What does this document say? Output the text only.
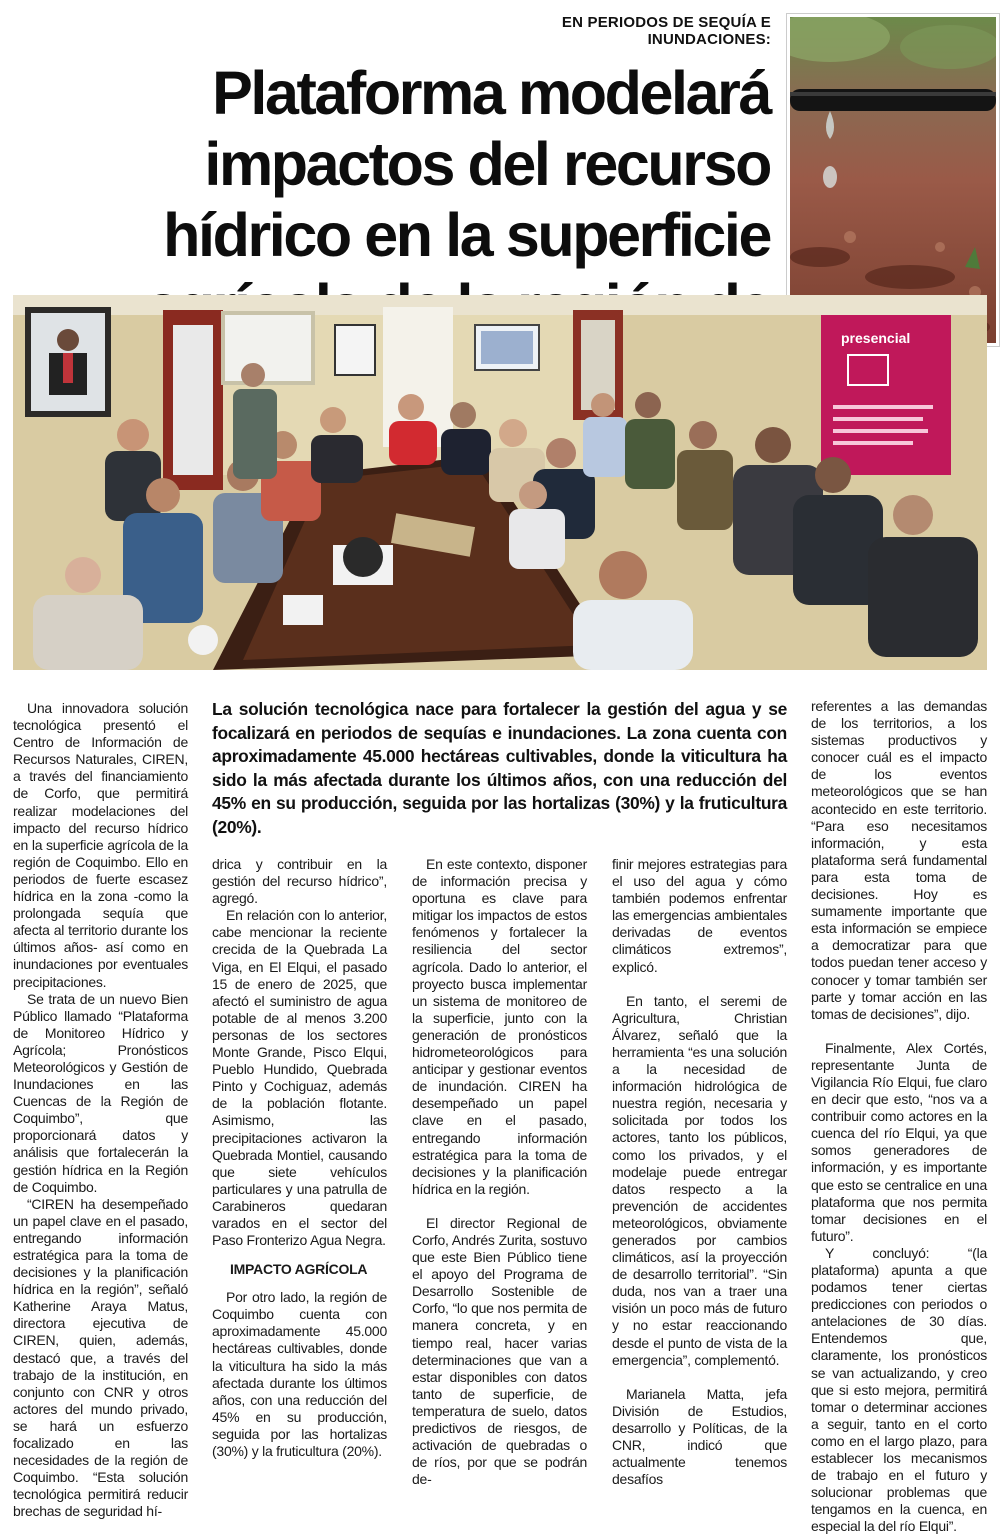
EN PERIODOS DE SEQUÍA E INUNDACIONES:
Plataforma modelará impactos del recurso hídrico en la superficie
presencial

La solución tecnológica nace para fortalecer la gestión del agua y se focalizará en periodos de sequías e inundaciones. La zona cuenta con aproximadamente 45.000 hectáreas cultivables, donde la viticultura ha sido la más afectada durante los últimos años, con una reducción del 45% en su producción, seguida por las hortalizas (30%) y la fruticultura (20%).

Una innovadora solución tecnológica presentó el Centro de Información de Recursos Naturales, CIREN, a través del financiamiento de Corfo, que permitirá realizar modelaciones del impacto del recurso hídrico en la superficie agrícola de la región de Coquimbo. Ello en periodos de fuerte escasez hídrica en la zona -como la prolongada sequía que afecta al territorio durante los últimos años- así como en inundaciones por eventuales precipitaciones.

Se trata de un nuevo Bien Público llamado “Plataforma de Monitoreo Hídrico y Agrícola; Pronósticos Meteorológicos y Gestión de Inundaciones en las Cuencas de la Región de Coquimbo”, que proporcionará datos y análisis que fortalecerán la gestión hídrica en la Región de Coquimbo.

“CIREN ha desempeñado un papel clave en el pasado, entregando información estratégica para la toma de decisiones y la planificación hídrica en la región”, señaló Katherine Araya Matus, directora ejecutiva de CIREN, quien, además, destacó que, a través del trabajo de la institución, en conjunto con CNR y otros actores del mundo privado, se hará un esfuerzo focalizado en las necesidades de la región de Coquimbo. “Esta solución tecnológica permitirá reducir brechas de seguridad hí-

drica y contribuir en la gestión del recurso hídrico”, agregó.

En relación con lo anterior, cabe mencionar la reciente crecida de la Quebrada La Viga, en El Elqui, el pasado 15 de enero de 2025, que afectó el suministro de agua potable de al menos 3.200 personas de los sectores Monte Grande, Pisco Elqui, Pueblo Hundido, Quebrada Pinto y Cochiguaz, además de la población flotante. Asimismo, las precipitaciones activaron la Quebrada Montiel, causando que siete vehículos particulares y una patrulla de Carabineros quedaran varados en el sector del Paso Fronterizo Agua Negra.

IMPACTO AGRÍCOLA

Por otro lado, la región de Coquimbo cuenta con aproximadamente 45.000 hectáreas cultivables, donde la viticultura ha sido la más afectada durante los últimos años, con una reducción del 45% en su producción, seguida por las hortalizas (30%) y la fruticultura (20%).

En este contexto, disponer de información precisa y oportuna es clave para mitigar los impactos de estos fenómenos y fortalecer la resiliencia del sector agrícola. Dado lo anterior, el proyecto busca implementar un sistema de monitoreo de la superficie, junto con la generación de pronósticos hidrometeorológicos para anticipar y gestionar eventos de inundación. CIREN ha desempeñado un papel clave en el pasado, entregando información estratégica para la toma de decisiones y la planificación hídrica en la región.

El director Regional de Corfo, Andrés Zurita, sostuvo que este Bien Público tiene el apoyo del Programa de Desarrollo Sostenible de Corfo, “lo que nos permita de manera concreta, y en tiempo real, hacer varias determinaciones que van a estar disponibles con datos tanto de superficie, de temperatura de suelo, datos predictivos de riesgos, de activación de quebradas o de ríos, por que se podrán de-

finir mejores estrategias para el uso del agua y cómo también podemos enfrentar las emergencias ambientales derivadas de eventos climáticos extremos”, explicó.

En tanto, el seremi de Agricultura, Christian Álvarez, señaló que la herramienta “es una solución a la necesidad de información hidrológica de nuestra región, necesaria y solicitada por todos los actores, tanto los públicos, como los privados, y el modelaje puede entregar datos respecto a la prevención de accidentes meteorológicos, obviamente generados por cambios climáticos, así la proyección de desarrollo territorial”. “Sin duda, nos van a traer una visión un poco más de futuro y no estar reaccionando desde el punto de vista de la emergencia”, complementó.

Marianela Matta, jefa División de Estudios, desarrollo y Políticas, de la CNR, indicó que actualmente tenemos desafíos

referentes a las demandas de los territorios, a los sistemas productivos y conocer cuál es el impacto de los eventos meteorológicos que se han acontecido en este territorio. “Para eso necesitamos información, y esta plataforma será fundamental para esta toma de decisiones. Hoy es sumamente importante que esta información se empiece a democratizar para que todos puedan tener acceso y conocer y tomar también ser parte y tomar acción en las tomas de decisiones”, dijo.

Finalmente, Alex Cortés, representante Junta de Vigilancia Río Elqui, fue claro en decir que esto, “nos va a contribuir como actores en la cuenca del río Elqui, ya que somos generadores de información, y es importante que esto se centralice en una plataforma que nos permita tomar decisiones en el futuro”.

Y concluyó: “(la plataforma) apunta a que podamos tener ciertas predicciones con periodos o antelaciones de 30 días. Entendemos que, claramente, los pronósticos se van actualizando, y creo que si esto mejora, permitirá tomar o determinar acciones a seguir, tanto en el corto como en el largo plazo, para establecer los mecanismos de trabajo en el futuro y solucionar problemas que tengamos en la cuenca, en especial la del río Elqui”.
